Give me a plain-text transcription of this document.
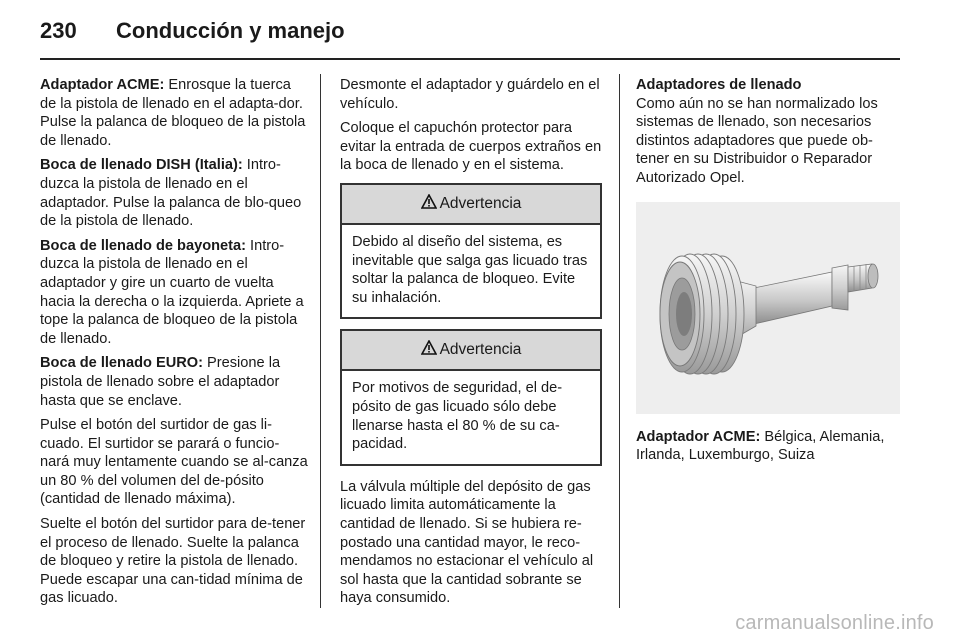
230 Conducción y manejo

Adaptador ACME: Enrosque la tuerca de la pistola de llenado en el adapta-dor. Pulse la palanca de bloqueo de la pistola de llenado.

Boca de llenado DISH (Italia): Intro-duzca la pistola de llenado en el adaptador. Pulse la palanca de blo-queo de la pistola de llenado.

Boca de llenado de bayoneta: Intro-duzca la pistola de llenado en el adaptador y gire un cuarto de vuelta hacia la derecha o la izquierda. Apriete a tope la palanca de bloqueo de la pistola de llenado.

Boca de llenado EURO: Presione la pistola de llenado sobre el adaptador hasta que se enclave.

Pulse el botón del surtidor de gas li-cuado. El surtidor se parará o funcio-nará muy lentamente cuando se al-canza un 80 % del volumen del de-pósito (cantidad de llenado máxima).

Suelte el botón del surtidor para de-tener el proceso de llenado. Suelte la palanca de bloqueo y retire la pistola de llenado. Puede escapar una can-tidad mínima de gas licuado.

Desmonte el adaptador y guárdelo en el vehículo.

Coloque el capuchón protector para evitar la entrada de cuerpos extraños en la boca de llenado y en el sistema.

Advertencia
Debido al diseño del sistema, es inevitable que salga gas licuado tras soltar la palanca de bloqueo. Evite su inhalación.
Advertencia
Por motivos de seguridad, el de-pósito de gas licuado sólo debe llenarse hasta el 80 % de su ca-pacidad.

La válvula múltiple del depósito de gas licuado limita automáticamente la cantidad de llenado. Si se hubiera re-postado una cantidad mayor, le reco-mendamos no estacionar el vehículo al sol hasta que la cantidad sobrante se haya consumido.

Adaptadores de llenado

Como aún no se han normalizado los sistemas de llenado, son necesarios distintos adaptadores que puede ob-tener en su Distribuidor o Reparador Autorizado Opel.

Adaptador ACME: Bélgica, Alemania, Irlanda, Luxemburgo, Suiza

carmanualsonline.info
